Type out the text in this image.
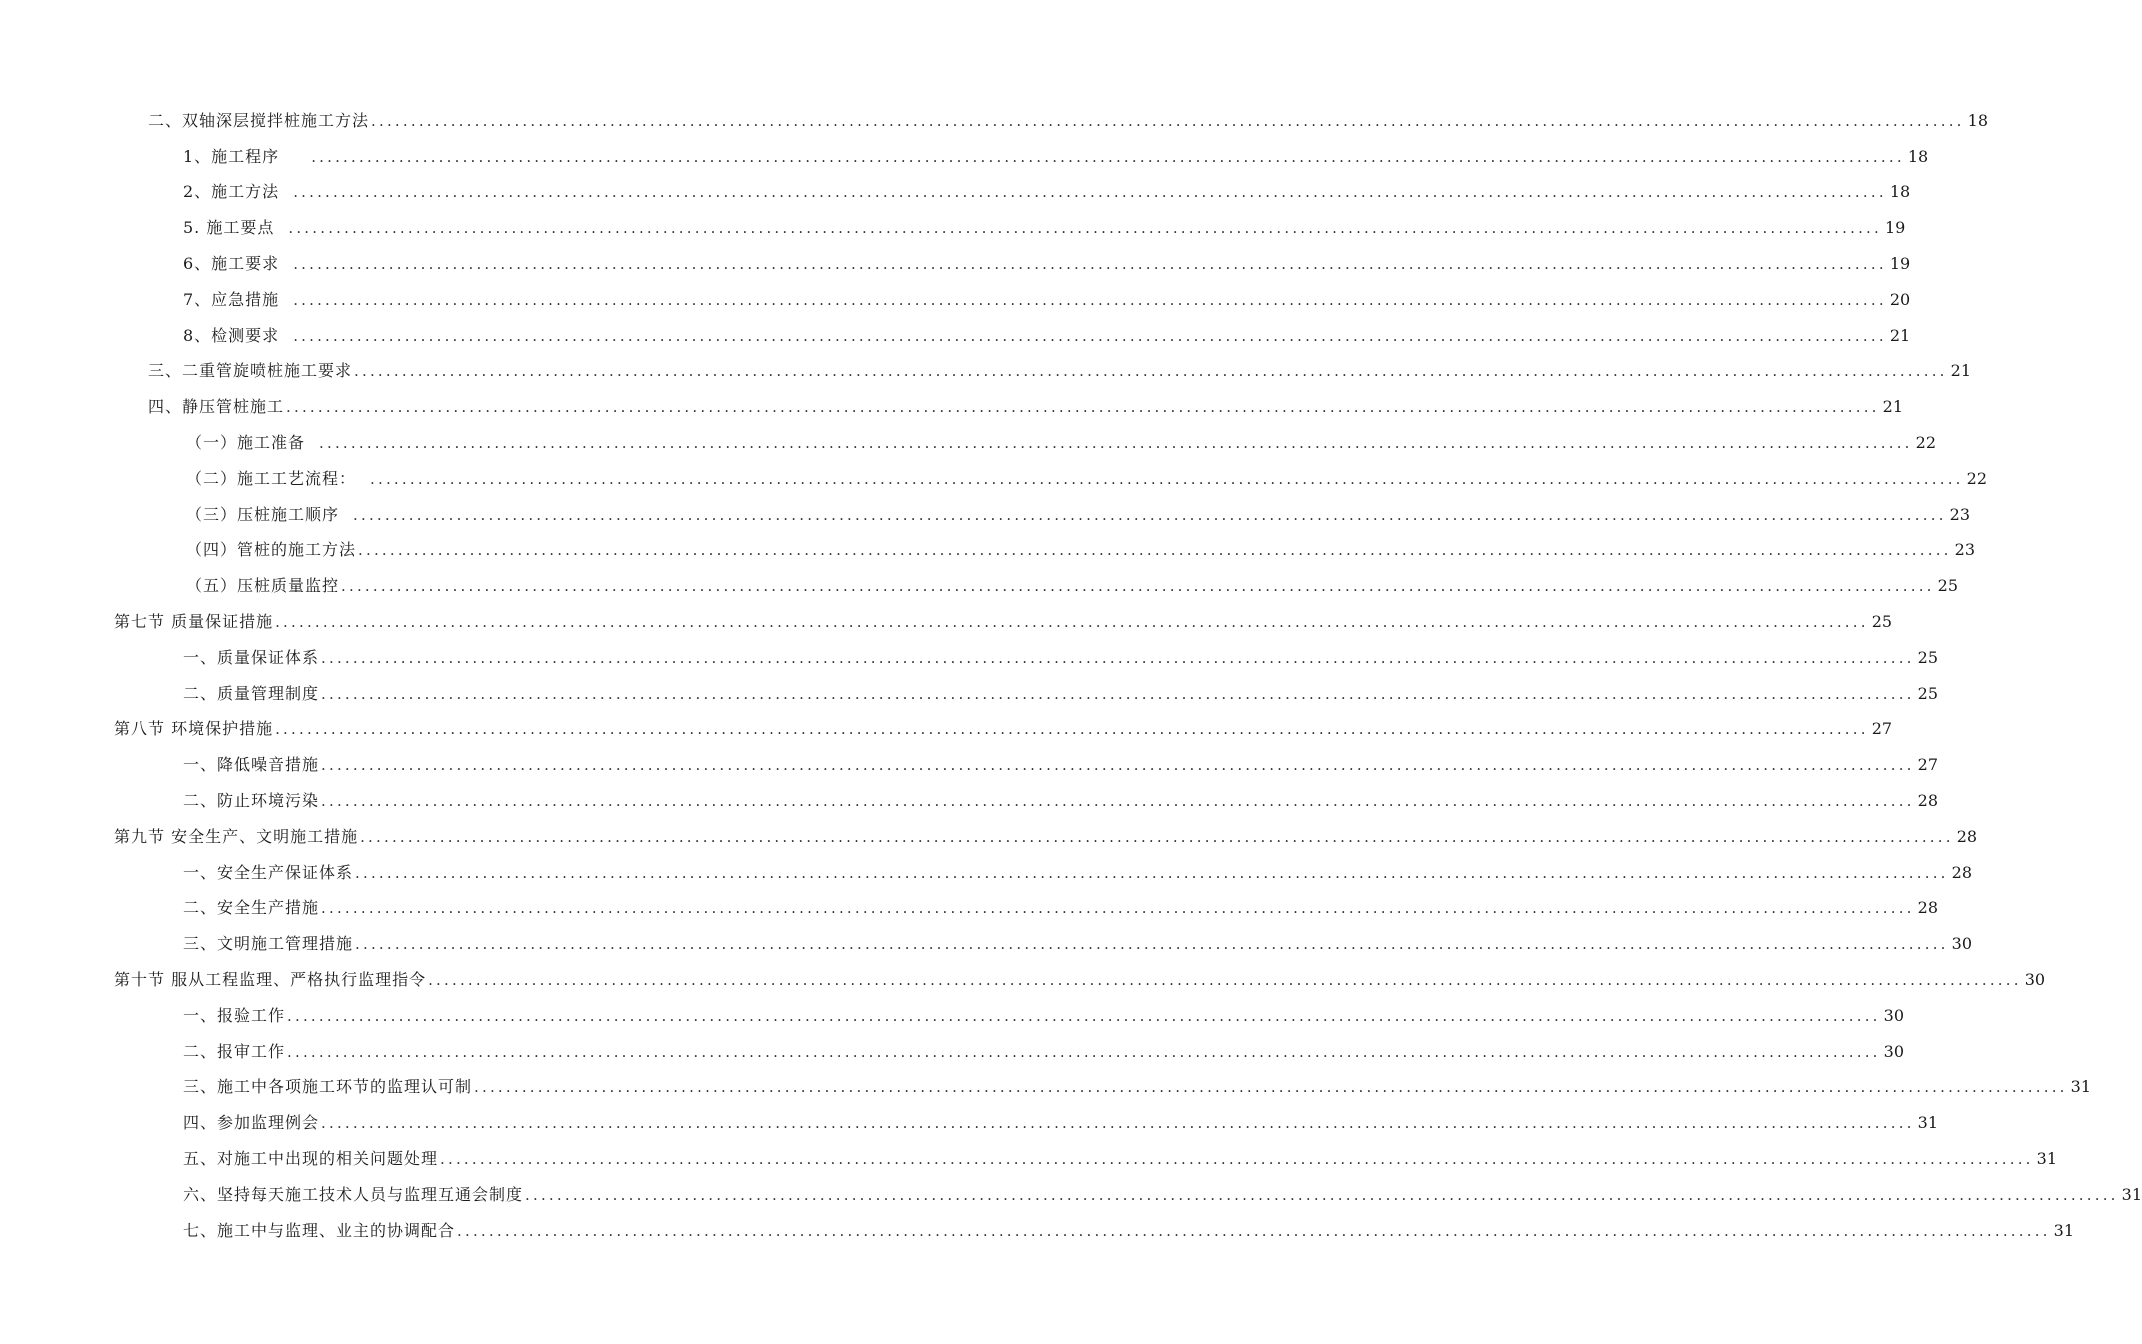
二、双轴深层搅拌桩施工方法 ........................................................................................................................................................................................................ 18
1、施工程序 ........................................................................................................................................................................................................ 18
2、施工方法 ........................................................................................................................................................................................................ 18
5. 施工要点 ........................................................................................................................................................................................................ 19
6、施工要求 ........................................................................................................................................................................................................ 19
7、应急措施 ........................................................................................................................................................................................................ 20
8、检测要求 ........................................................................................................................................................................................................ 21
三、二重管旋喷桩施工要求 ........................................................................................................................................................................................................ 21
四、静压管桩施工 ........................................................................................................................................................................................................ 21
（一）施工准备 ........................................................................................................................................................................................................ 22
（二）施工工艺流程： ........................................................................................................................................................................................................ 22
（三）压桩施工顺序 ........................................................................................................................................................................................................ 23
（四）管桩的施工方法 ........................................................................................................................................................................................................ 23
（五）压桩质量监控 ........................................................................................................................................................................................................ 25
第七节 质量保证措施 ........................................................................................................................................................................................................ 25
一、质量保证体系 ........................................................................................................................................................................................................ 25
二、质量管理制度 ........................................................................................................................................................................................................ 25
第八节 环境保护措施 ........................................................................................................................................................................................................ 27
一、降低噪音措施 ........................................................................................................................................................................................................ 27
二、防止环境污染 ........................................................................................................................................................................................................ 28
第九节 安全生产、文明施工措施 ........................................................................................................................................................................................................ 28
一、安全生产保证体系 ........................................................................................................................................................................................................ 28
二、安全生产措施 ........................................................................................................................................................................................................ 28
三、文明施工管理措施 ........................................................................................................................................................................................................ 30
第十节 服从工程监理、严格执行监理指令 ........................................................................................................................................................................................................ 30
一、报验工作 ........................................................................................................................................................................................................ 30
二、报审工作 ........................................................................................................................................................................................................ 30
三、施工中各项施工环节的监理认可制 ........................................................................................................................................................................................................ 31
四、参加监理例会 ........................................................................................................................................................................................................ 31
五、对施工中出现的相关问题处理 ........................................................................................................................................................................................................ 31
六、坚持每天施工技术人员与监理互通会制度 ........................................................................................................................................................................................................ 31
七、施工中与监理、业主的协调配合 ........................................................................................................................................................................................................ 31
